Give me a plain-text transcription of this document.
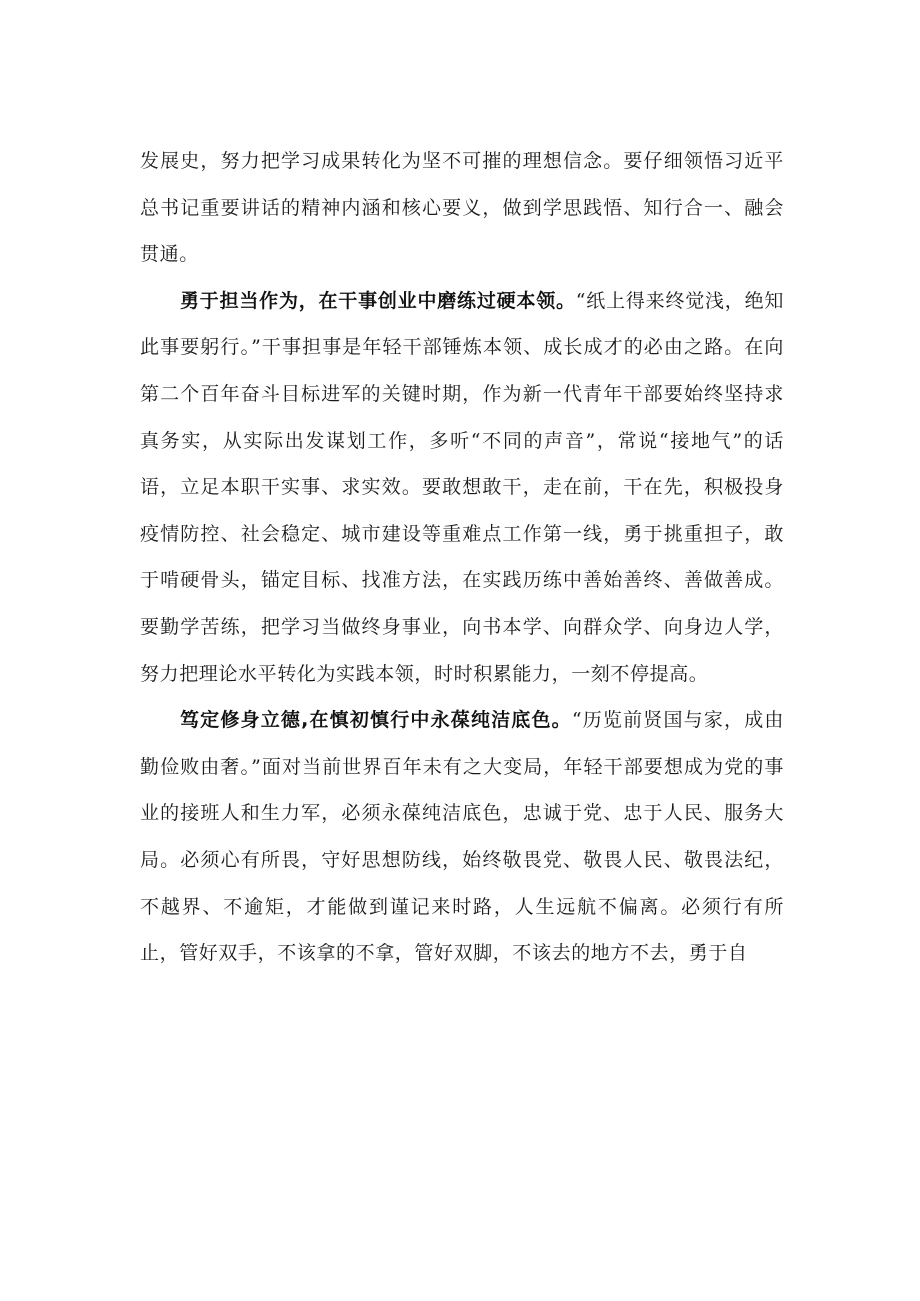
发展史，努力把学习成果转化为坚不可摧的理想信念。要仔细领悟习近平总书记重要讲话的精神内涵和核心要义，做到学思践悟、知行合一、融会贯通。

勇于担当作为，在干事创业中磨练过硬本领。“纸上得来终觉浅，绝知此事要躬行。”干事担事是年轻干部锤炼本领、成长成才的必由之路。在向第二个百年奋斗目标进军的关键时期，作为新一代青年干部要始终坚持求真务实，从实际出发谋划工作，多听“不同的声音”，常说“接地气”的话语，立足本职干实事、求实效。要敢想敢干，走在前，干在先，积极投身疫情防控、社会稳定、城市建设等重难点工作第一线，勇于挑重担子，敢于啃硬骨头，锚定目标、找准方法，在实践历练中善始善终、善做善成。要勤学苦练，把学习当做终身事业，向书本学、向群众学、向身边人学，努力把理论水平转化为实践本领，时时积累能力，一刻不停提高。

笃定修身立德,在慎初慎行中永葆纯洁底色。“历览前贤国与家，成由勤俭败由奢。”面对当前世界百年未有之大变局，年轻干部要想成为党的事业的接班人和生力军，必须永葆纯洁底色，忠诚于党、忠于人民、服务大局。必须心有所畏，守好思想防线，始终敬畏党、敬畏人民、敬畏法纪，不越界、不逾矩，才能做到谨记来时路，人生远航不偏离。必须行有所止，管好双手，不该拿的不拿，管好双脚，不该去的地方不去，勇于自
